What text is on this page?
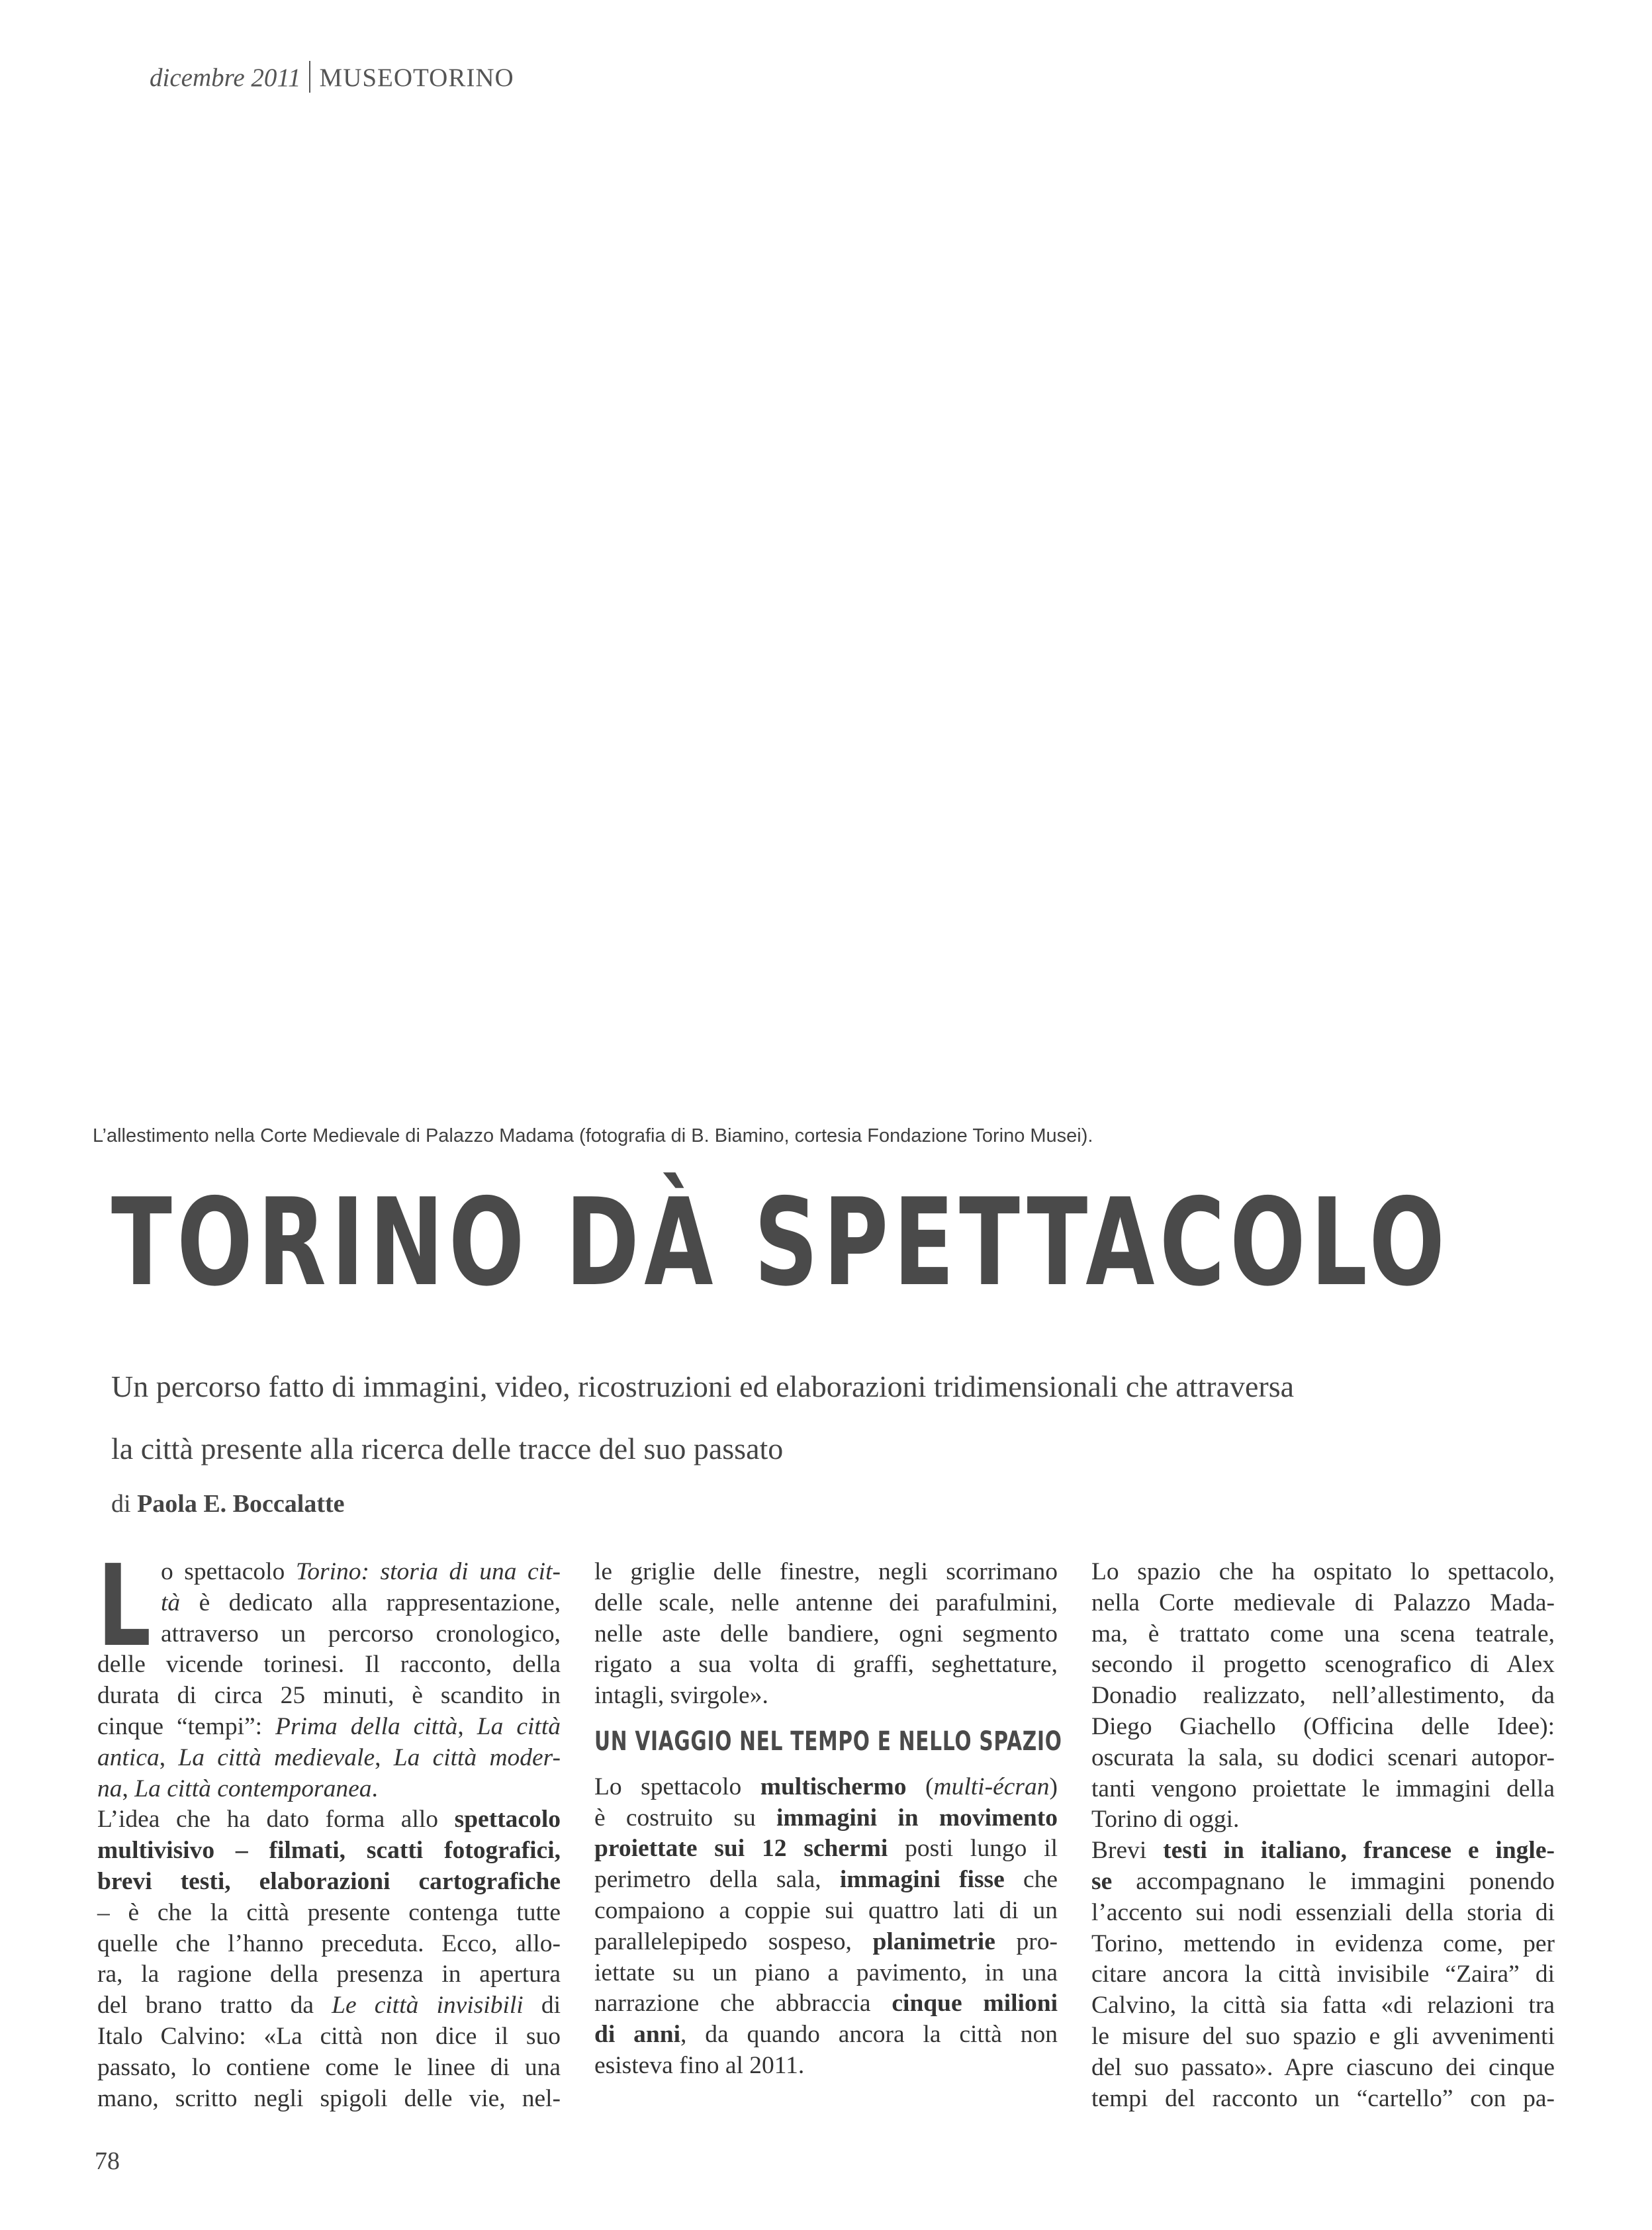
dicembre 2011 MUSEOTORINO
L’allestimento nella Corte Medievale di Palazzo Madama (fotografia di B. Biamino, cortesia Fondazione Torino Musei).
TORINO DÀ SPETTACOLO
Un percorso fatto di immagini, video, ricostruzioni ed elaborazioni tridimensionali che attraversa
la città presente alla ricerca delle tracce del suo passato
di Paola E. Boccalatte
L o spettacolo Torino: storia di una cit-
tà è dedicato alla rappresentazione,
attraverso un percorso cronologico,
delle vicende torinesi. Il racconto, della
durata di circa 25 minuti, è scandito in
cinque “tempi”: Prima della città, La città
antica, La città medievale, La città moder-
na, La città contemporanea.
L’idea che ha dato forma allo spettacolo
multivisivo – filmati, scatti fotografici,
brevi testi, elaborazioni cartografiche
– è che la città presente contenga tutte
quelle che l’hanno preceduta. Ecco, allo-
ra, la ragione della presenza in apertura
del brano tratto da Le città invisibili di
Italo Calvino: «La città non dice il suo
passato, lo contiene come le linee di una
mano, scritto negli spigoli delle vie, nel-
le griglie delle finestre, negli scorrimano
delle scale, nelle antenne dei parafulmini,
nelle aste delle bandiere, ogni segmento
rigato a sua volta di graffi, seghettature,
intagli, svirgole».
UN VIAGGIO NEL TEMPO E NELLO SPAZIO
Lo spettacolo multischermo (multi-écran)
è costruito su immagini in movimento
proiettate sui 12 schermi posti lungo il
perimetro della sala, immagini fisse che
compaiono a coppie sui quattro lati di un
parallelepipedo sospeso, planimetrie pro-
iettate su un piano a pavimento, in una
narrazione che abbraccia cinque milioni
di anni, da quando ancora la città non
esisteva fino al 2011.
Lo spazio che ha ospitato lo spettacolo,
nella Corte medievale di Palazzo Mada-
ma, è trattato come una scena teatrale,
secondo il progetto scenografico di Alex
Donadio realizzato, nell’allestimento, da
Diego Giachello (Officina delle Idee):
oscurata la sala, su dodici scenari autopor-
tanti vengono proiettate le immagini della
Torino di oggi.
Brevi testi in italiano, francese e ingle-
se accompagnano le immagini ponendo
l’accento sui nodi essenziali della storia di
Torino, mettendo in evidenza come, per
citare ancora la città invisibile “Zaira” di
Calvino, la città sia fatta «di relazioni tra
le misure del suo spazio e gli avvenimenti
del suo passato». Apre ciascuno dei cinque
tempi del racconto un “cartello” con pa-
78
